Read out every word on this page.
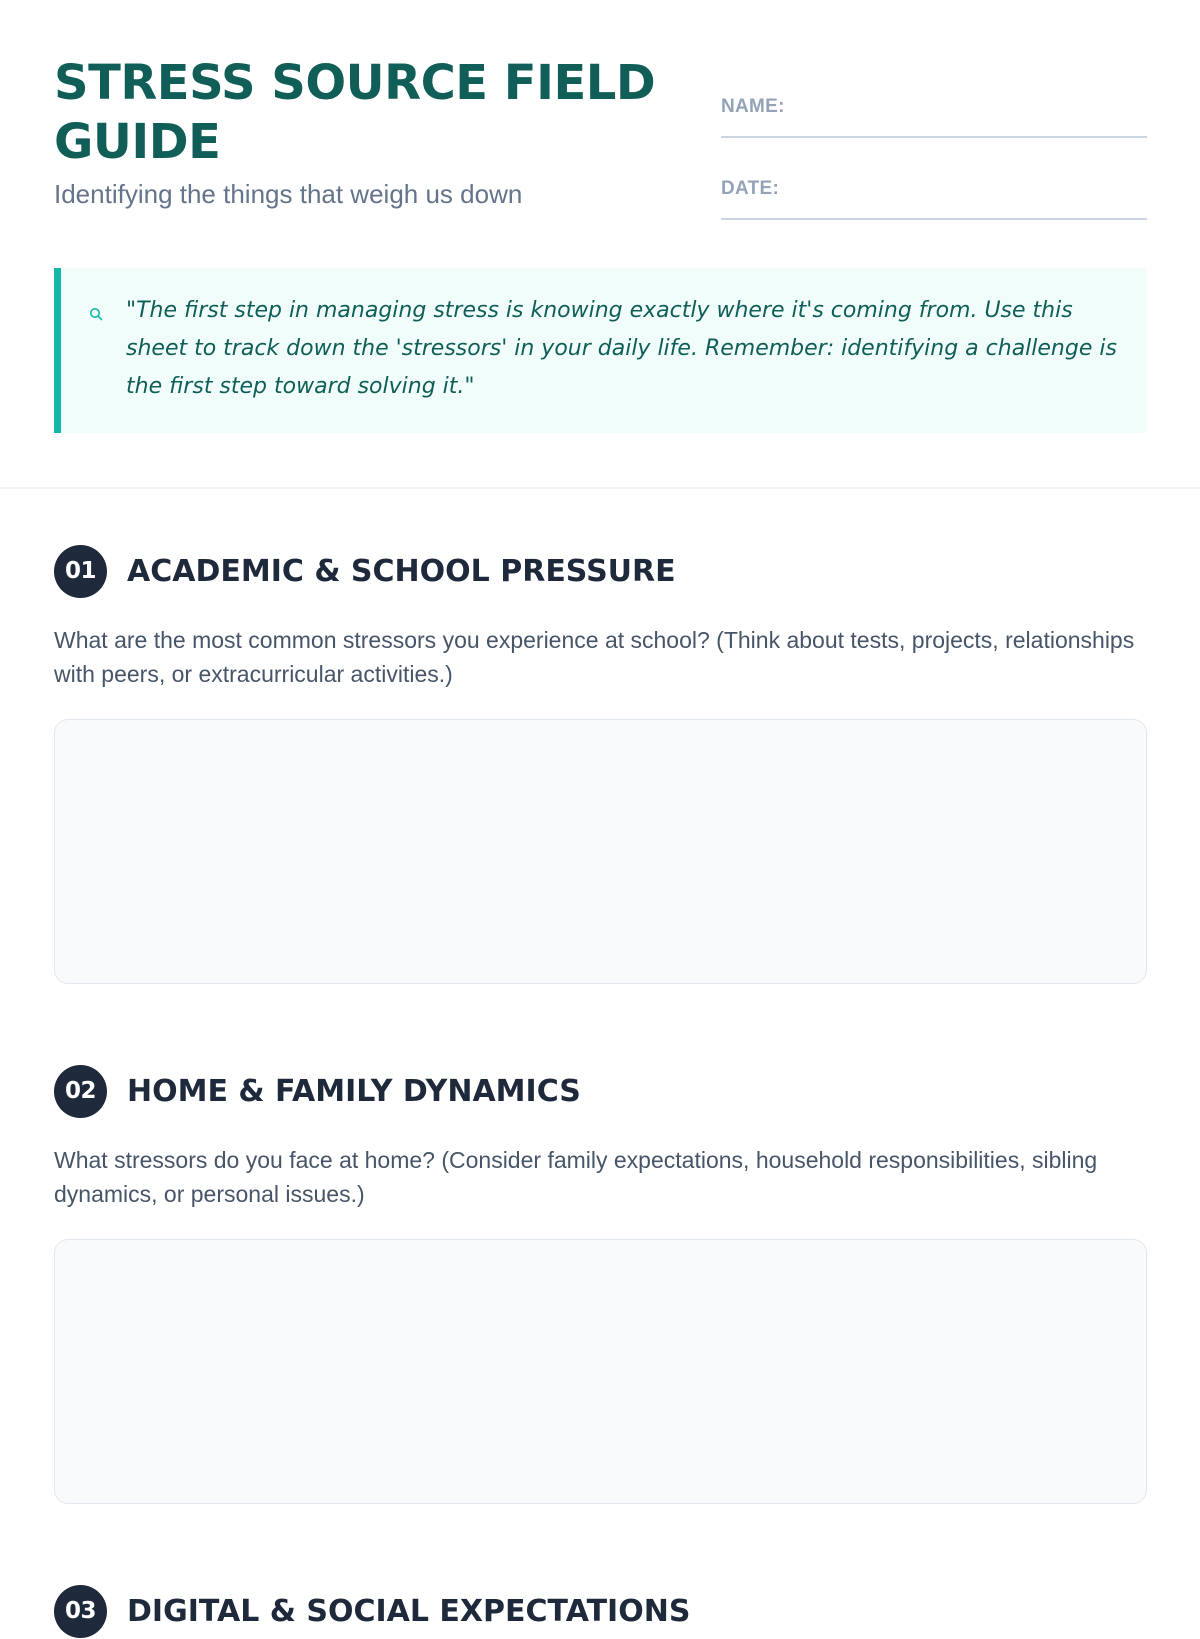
STRESS SOURCE FIELD GUIDE
Identifying the things that weigh us down
NAME:
DATE:
"The first step in managing stress is knowing exactly where it's coming from. Use this sheet to track down the 'stressors' in your daily life. Remember: identifying a challenge is the first step toward solving it."
01	ACADEMIC & SCHOOL PRESSURE
What are the most common stressors you experience at school? (Think about tests, projects, relationships with peers, or extracurricular activities.)
02	HOME & FAMILY DYNAMICS
What stressors do you face at home? (Consider family expectations, household responsibilities, sibling dynamics, or personal issues.)
03	DIGITAL & SOCIAL EXPECTATIONS
